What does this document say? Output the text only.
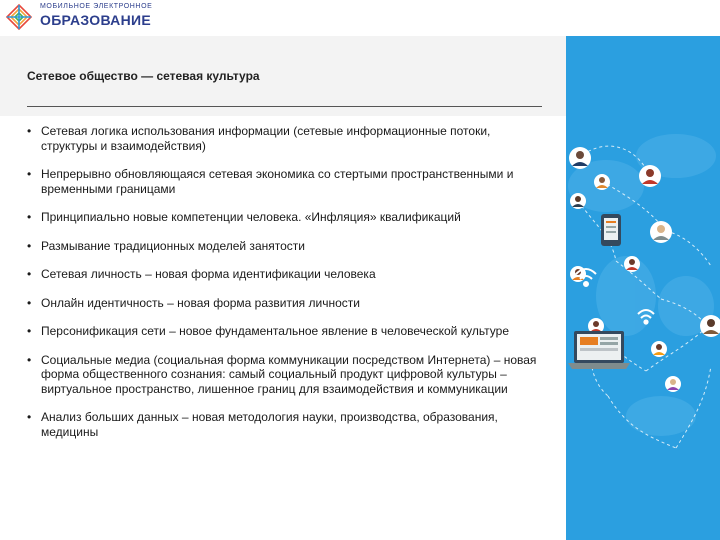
МОБИЛЬНОЕ ЭЛЕКТРОННОЕ
ОБРАЗОВАНИЕ
Сетевое общество — сетевая культура
• Сетевая логика использования информации (сетевые информационные потоки, структуры и взаимодействия)
• Непрерывно обновляющаяся сетевая экономика со стертыми пространственными и временными границами
• Принципиально новые компетенции человека. «Инфляция» квалификаций
• Размывание традиционных моделей занятости
• Сетевая личность – новая форма идентификации человека
• Онлайн идентичность – новая форма развития личности
• Персонификация сети – новое фундаментальное явление в человеческой культуре
• Социальные медиа (социальная форма коммуникации посредством Интернета) – новая форма общественного сознания: самый социальный продукт цифровой культуры – виртуальное пространство, лишенное границ для взаимодействия и коммуникации
• Анализ больших данных – новая методология науки, производства, образования, медицины
